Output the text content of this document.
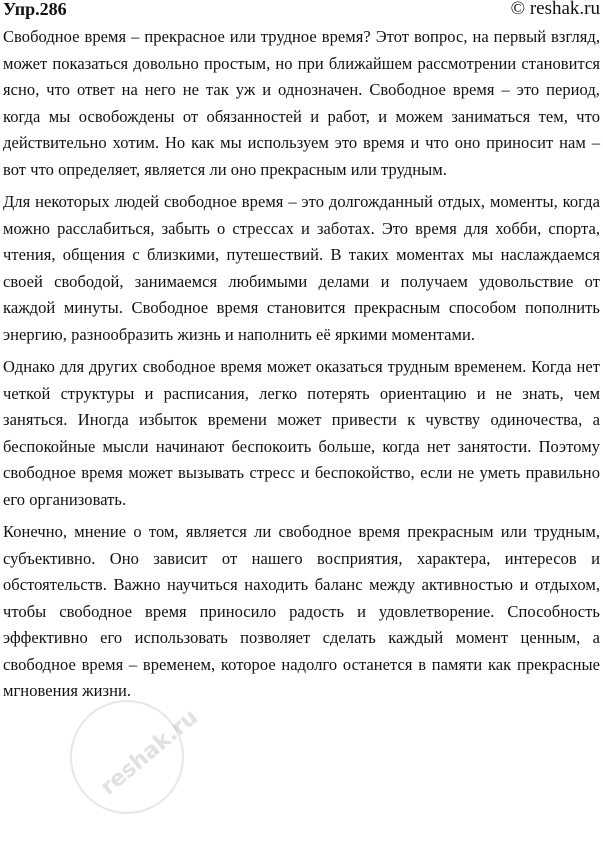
Упр.286	© reshak.ru

Свободное время – прекрасное или трудное время? Этот вопрос, на первый взгляд, может показаться довольно простым, но при ближайшем рассмотрении становится ясно, что ответ на него не так уж и однозначен. Свободное время – это период, когда мы освобождены от обязанностей и работ, и можем заниматься тем, что действительно хотим. Но как мы используем это время и что оно приносит нам – вот что определяет, является ли оно прекрасным или трудным.

Для некоторых людей свободное время – это долгожданный отдых, моменты, когда можно расслабиться, забыть о стрессах и заботах. Это время для хобби, спорта, чтения, общения с близкими, путешествий. В таких моментах мы наслаждаемся своей свободой, занимаемся любимыми делами и получаем удовольствие от каждой минуты. Свободное время становится прекрасным способом пополнить энергию, разнообразить жизнь и наполнить её яркими моментами.

Однако для других свободное время может оказаться трудным временем. Когда нет четкой структуры и расписания, легко потерять ориентацию и не знать, чем заняться. Иногда избыток времени может привести к чувству одиночества, а беспокойные мысли начинают беспокоить больше, когда нет занятости. Поэтому свободное время может вызывать стресс и беспокойство, если не уметь правильно его организовать.

Конечно, мнение о том, является ли свободное время прекрасным или трудным, субъективно. Оно зависит от нашего восприятия, характера, интересов и обстоятельств. Важно научиться находить баланс между активностью и отдыхом, чтобы свободное время приносило радость и удовлетворение. Способность эффективно его использовать позволяет сделать каждый момент ценным, а свободное время – временем, которое надолго останется в памяти как прекрасные мгновения жизни.

reshak.ru
